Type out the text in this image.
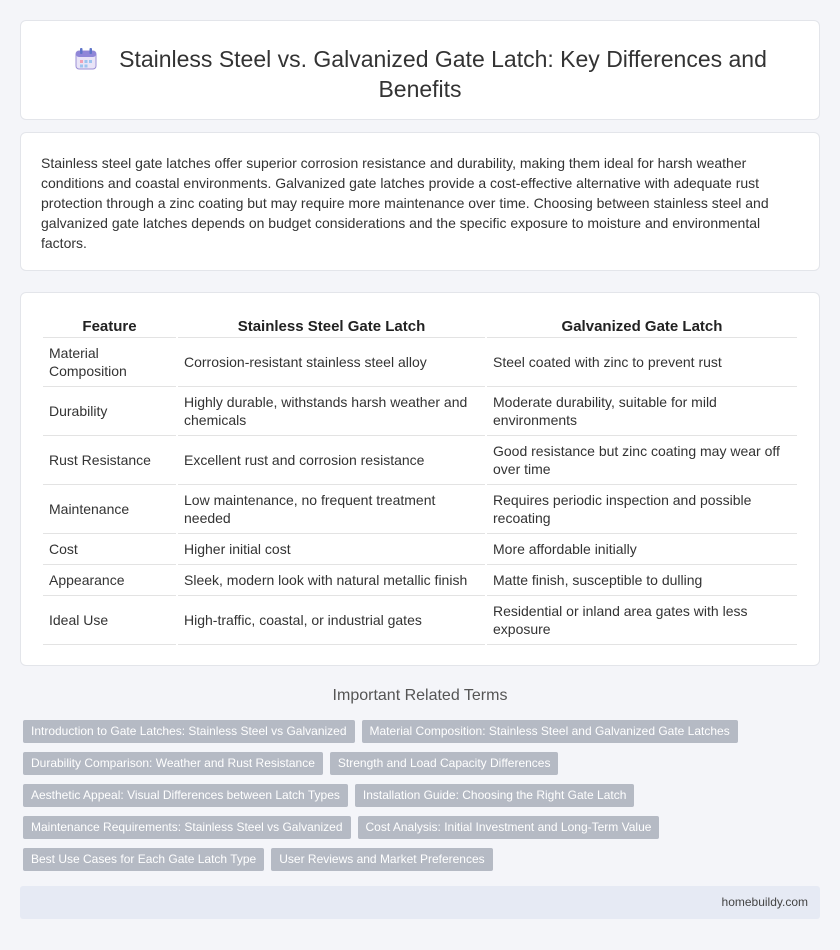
Stainless Steel vs. Galvanized Gate Latch: Key Differences and Benefits

Stainless steel gate latches offer superior corrosion resistance and durability, making them ideal for harsh weather conditions and coastal environments. Galvanized gate latches provide a cost-effective alternative with adequate rust protection through a zinc coating but may require more maintenance over time. Choosing between stainless steel and galvanized gate latches depends on budget considerations and the specific exposure to moisture and environmental factors.

Feature	Stainless Steel Gate Latch	Galvanized Gate Latch
Material Composition	Corrosion-resistant stainless steel alloy	Steel coated with zinc to prevent rust
Durability	Highly durable, withstands harsh weather and chemicals	Moderate durability, suitable for mild environments
Rust Resistance	Excellent rust and corrosion resistance	Good resistance but zinc coating may wear off over time
Maintenance	Low maintenance, no frequent treatment needed	Requires periodic inspection and possible recoating
Cost	Higher initial cost	More affordable initially
Appearance	Sleek, modern look with natural metallic finish	Matte finish, susceptible to dulling
Ideal Use	High-traffic, coastal, or industrial gates	Residential or inland area gates with less exposure
Important Related Terms
Introduction to Gate Latches: Stainless Steel vs Galvanized	Material Composition: Stainless Steel and Galvanized Gate Latches
Durability Comparison: Weather and Rust Resistance	Strength and Load Capacity Differences
Aesthetic Appeal: Visual Differences between Latch Types	Installation Guide: Choosing the Right Gate Latch
Maintenance Requirements: Stainless Steel vs Galvanized	Cost Analysis: Initial Investment and Long-Term Value
Best Use Cases for Each Gate Latch Type	User Reviews and Market Preferences
homebuildy.com
